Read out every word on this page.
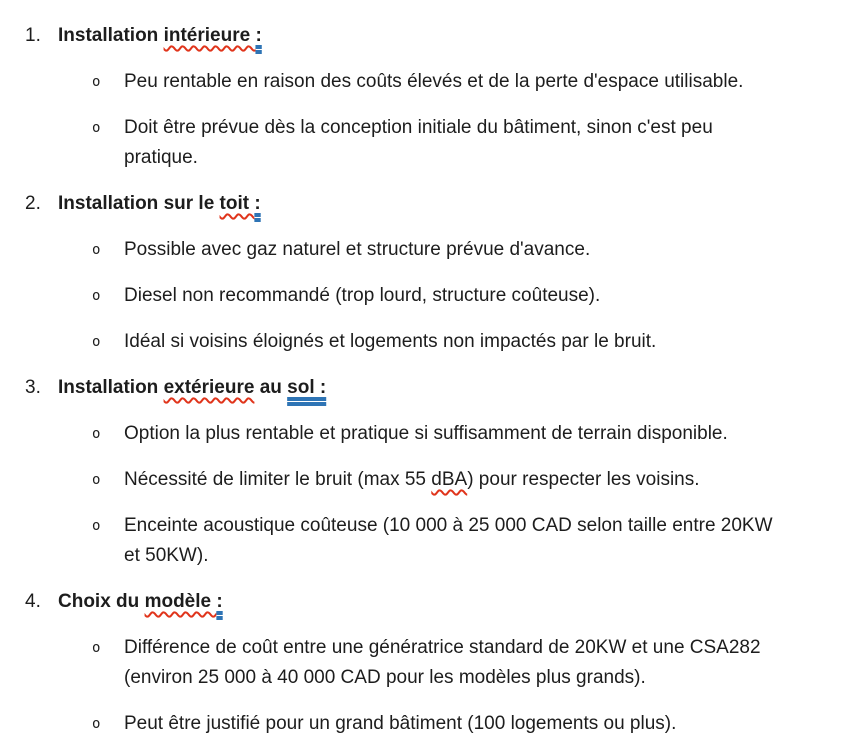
1. Installation intérieure :
o Peu rentable en raison des coûts élevés et de la perte d'espace utilisable.
o Doit être prévue dès la conception initiale du bâtiment, sinon c'est peu
pratique.
2. Installation sur le toit :
o Possible avec gaz naturel et structure prévue d'avance.
o Diesel non recommandé (trop lourd, structure coûteuse).
o Idéal si voisins éloignés et logements non impactés par le bruit.
3. Installation extérieure au sol :
o Option la plus rentable et pratique si suffisamment de terrain disponible.
o Nécessité de limiter le bruit (max 55 dBA) pour respecter les voisins.
o Enceinte acoustique coûteuse (10 000 à 25 000 CAD selon taille entre 20KW
et 50KW).
4. Choix du modèle :
o Différence de coût entre une génératrice standard de 20KW et une CSA282
(environ 25 000 à 40 000 CAD pour les modèles plus grands).
o Peut être justifié pour un grand bâtiment (100 logements ou plus).
